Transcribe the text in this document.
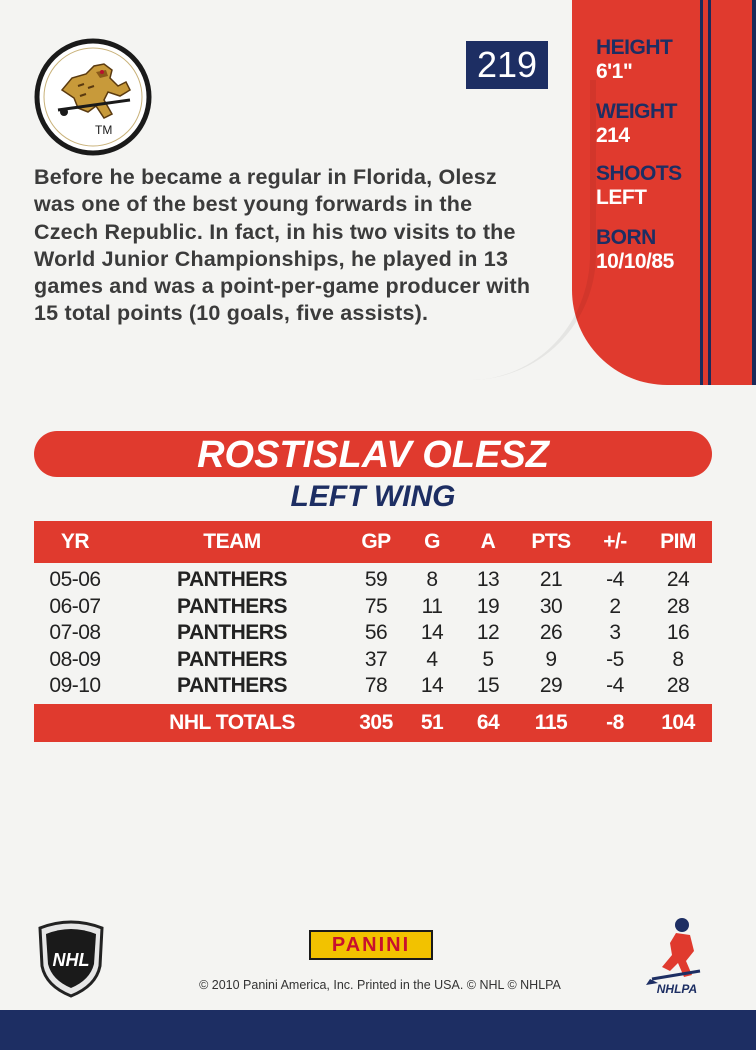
HEIGHT
6'1"
WEIGHT
214
SHOOTS
LEFT
BORN
10/10/85
219
TM
Before he became a regular in Florida, Olesz was one of the best young forwards in the Czech Republic. In fact, in his two visits to the World Junior Championships, he played in 13 games and was a point-per-game producer with 15 total points (10 goals, five assists).
ROSTISLAV OLESZ
LEFT WING
YR	TEAM	GP	G	A	PTS	+/-	PIM

05-06	PANTHERS	59	8	13	21	-4	24
06-07	PANTHERS	75	11	19	30	2	28
07-08	PANTHERS	56	14	12	26	3	16
08-09	PANTHERS	37	4	5	9	-5	8
09-10	PANTHERS	78	14	15	29	-4	28

	NHL TOTALS	305	51	64	115	-8	104
NHL
PANINI
© 2010 Panini America, Inc. Printed in the USA. © NHL © NHLPA	NHLPA
